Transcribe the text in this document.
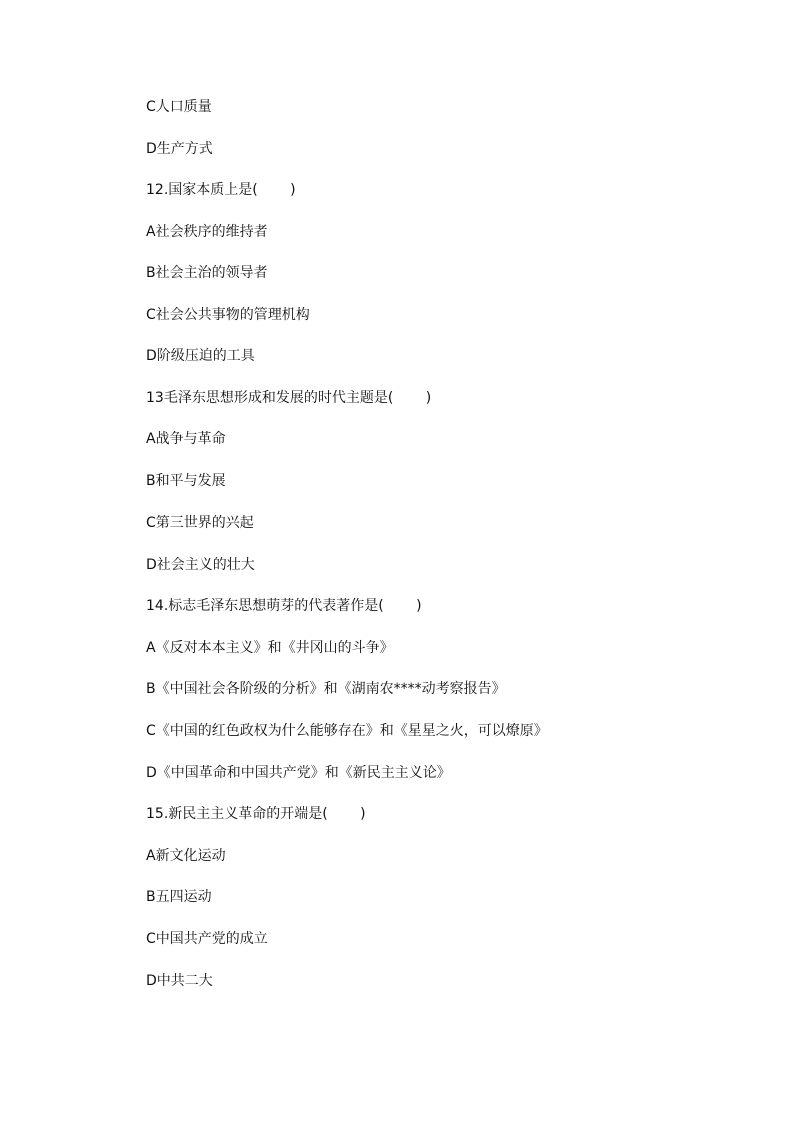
C人口质量
D生产方式
12.国家本质上是(　　 )
A社会秩序的维持者
B社会主治的领导者
C社会公共事物的管理机构
D阶级压迫的工具
13毛泽东思想形成和发展的时代主题是(　　 )
A战争与革命
B和平与发展
C第三世界的兴起
D社会主义的壮大
14.标志毛泽东思想萌芽的代表著作是(　　 )
A《反对本本主义》和《井冈山的斗争》
B《中国社会各阶级的分析》和《湖南农****动考察报告》
C《中国的红色政权为什么能够存在》和《星星之火，可以燎原》
D《中国革命和中国共产党》和《新民主主义论》
15.新民主主义革命的开端是(　　 )
A新文化运动
B五四运动
C中国共产党的成立
D中共二大
